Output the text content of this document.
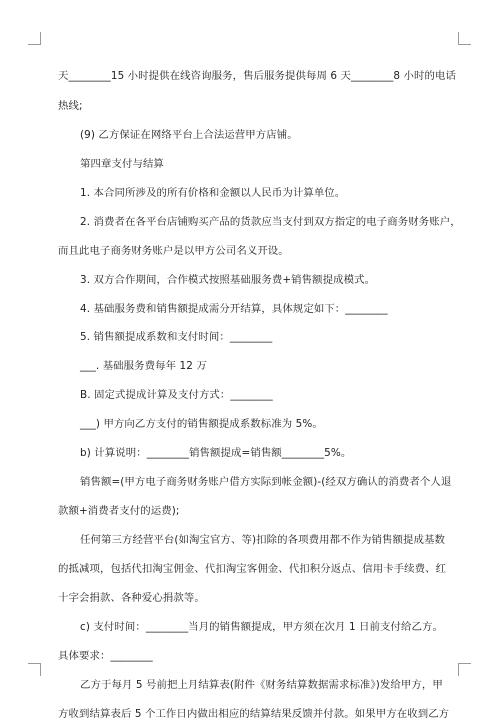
天________15 小时提供在线咨询服务，售后服务提供每周 6 天________8 小时的电话
热线;
(9) 乙方保证在网络平台上合法运营甲方店铺。
第四章支付与结算
1. 本合同所涉及的所有价格和金额以人民币为计算单位。
2. 消费者在各平台店铺购买产品的货款应当支付到双方指定的电子商务财务账户，
而且此电子商务财务账户是以甲方公司名义开设。
3. 双方合作期间，合作模式按照基础服务费+销售额提成模式。
4. 基础服务费和销售额提成需分开结算，具体规定如下：________
5. 销售额提成系数和支付时间：________
___. 基础服务费每年 12 万
B. 固定式提成计算及支付方式：________
___) 甲方向乙方支付的销售额提成系数标准为 5%。
b) 计算说明：________销售额提成=销售额________5%。
销售额=(甲方电子商务财务账户借方实际到帐金额)-(经双方确认的消费者个人退
款额+消费者支付的运费);
任何第三方经营平台(如淘宝官方、等)扣除的各项费用都不作为销售额提成基数
的抵减项，包括代扣淘宝佣金、代扣淘宝客佣金、代扣积分返点、信用卡手续费、红
十字会捐款、各种爱心捐款等。
c) 支付时间：________当月的销售额提成，甲方须在次月 1 日前支付给乙方。
具体要求：________
乙方于每月 5 号前把上月结算表(附件《财务结算数据需求标准》)发给甲方，甲
方收到结算表后 5 个工作日内做出相应的结算结果反馈并付款。如果甲方在收到乙方
